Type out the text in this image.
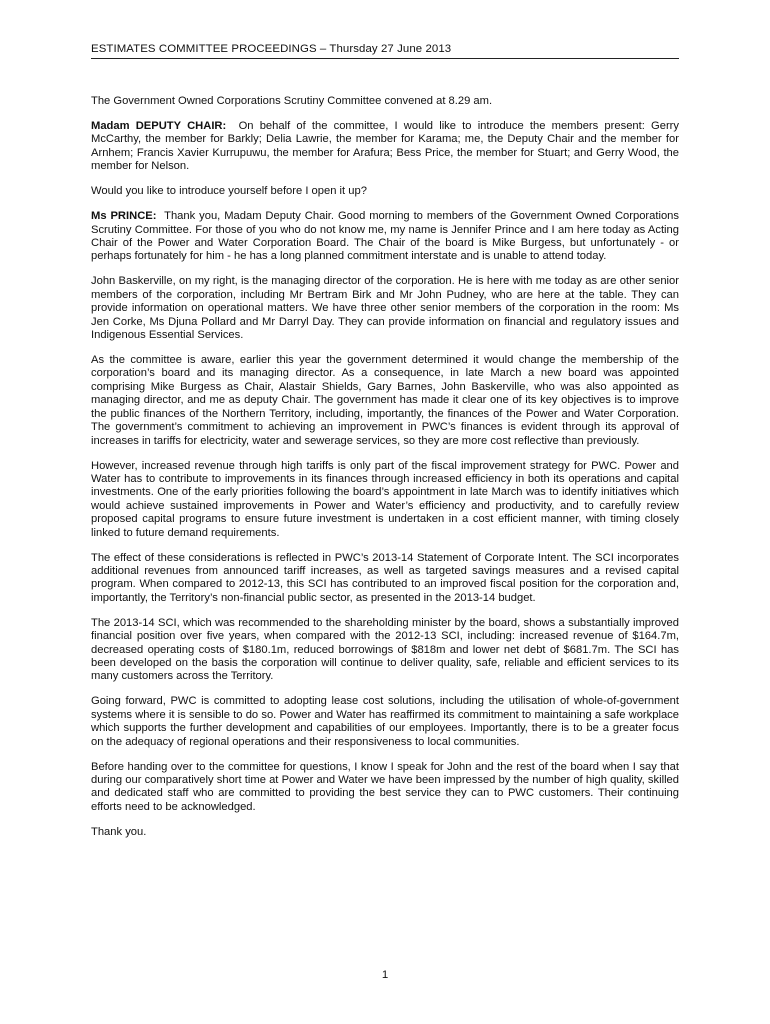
ESTIMATES COMMITTEE PROCEEDINGS – Thursday 27 June 2013

The Government Owned Corporations Scrutiny Committee convened at 8.29 am.

Madam DEPUTY CHAIR: On behalf of the committee, I would like to introduce the members present: Gerry McCarthy, the member for Barkly; Delia Lawrie, the member for Karama; me, the Deputy Chair and the member for Arnhem; Francis Xavier Kurrupuwu, the member for Arafura; Bess Price, the member for Stuart; and Gerry Wood, the member for Nelson.

Would you like to introduce yourself before I open it up?

Ms PRINCE: Thank you, Madam Deputy Chair. Good morning to members of the Government Owned Corporations Scrutiny Committee. For those of you who do not know me, my name is Jennifer Prince and I am here today as Acting Chair of the Power and Water Corporation Board. The Chair of the board is Mike Burgess, but unfortunately - or perhaps fortunately for him - he has a long planned commitment interstate and is unable to attend today.

John Baskerville, on my right, is the managing director of the corporation. He is here with me today as are other senior members of the corporation, including Mr Bertram Birk and Mr John Pudney, who are here at the table. They can provide information on operational matters. We have three other senior members of the corporation in the room: Ms Jen Corke, Ms Djuna Pollard and Mr Darryl Day. They can provide information on financial and regulatory issues and Indigenous Essential Services.

As the committee is aware, earlier this year the government determined it would change the membership of the corporation’s board and its managing director. As a consequence, in late March a new board was appointed comprising Mike Burgess as Chair, Alastair Shields, Gary Barnes, John Baskerville, who was also appointed as managing director, and me as deputy Chair. The government has made it clear one of its key objectives is to improve the public finances of the Northern Territory, including, importantly, the finances of the Power and Water Corporation. The government’s commitment to achieving an improvement in PWC’s finances is evident through its approval of increases in tariffs for electricity, water and sewerage services, so they are more cost reflective than previously.

However, increased revenue through high tariffs is only part of the fiscal improvement strategy for PWC. Power and Water has to contribute to improvements in its finances through increased efficiency in both its operations and capital investments. One of the early priorities following the board’s appointment in late March was to identify initiatives which would achieve sustained improvements in Power and Water’s efficiency and productivity, and to carefully review proposed capital programs to ensure future investment is undertaken in a cost efficient manner, with timing closely linked to future demand requirements.

The effect of these considerations is reflected in PWC’s 2013-14 Statement of Corporate Intent. The SCI incorporates additional revenues from announced tariff increases, as well as targeted savings measures and a revised capital program. When compared to 2012-13, this SCI has contributed to an improved fiscal position for the corporation and, importantly, the Territory’s non-financial public sector, as presented in the 2013-14 budget.

The 2013-14 SCI, which was recommended to the shareholding minister by the board, shows a substantially improved financial position over five years, when compared with the 2012-13 SCI, including: increased revenue of $164.7m, decreased operating costs of $180.1m, reduced borrowings of $818m and lower net debt of $681.7m. The SCI has been developed on the basis the corporation will continue to deliver quality, safe, reliable and efficient services to its many customers across the Territory.

Going forward, PWC is committed to adopting lease cost solutions, including the utilisation of whole-of-government systems where it is sensible to do so. Power and Water has reaffirmed its commitment to maintaining a safe workplace which supports the further development and capabilities of our employees. Importantly, there is to be a greater focus on the adequacy of regional operations and their responsiveness to local communities.

Before handing over to the committee for questions, I know I speak for John and the rest of the board when I say that during our comparatively short time at Power and Water we have been impressed by the number of high quality, skilled and dedicated staff who are committed to providing the best service they can to PWC customers. Their continuing efforts need to be acknowledged.

Thank you.

1
